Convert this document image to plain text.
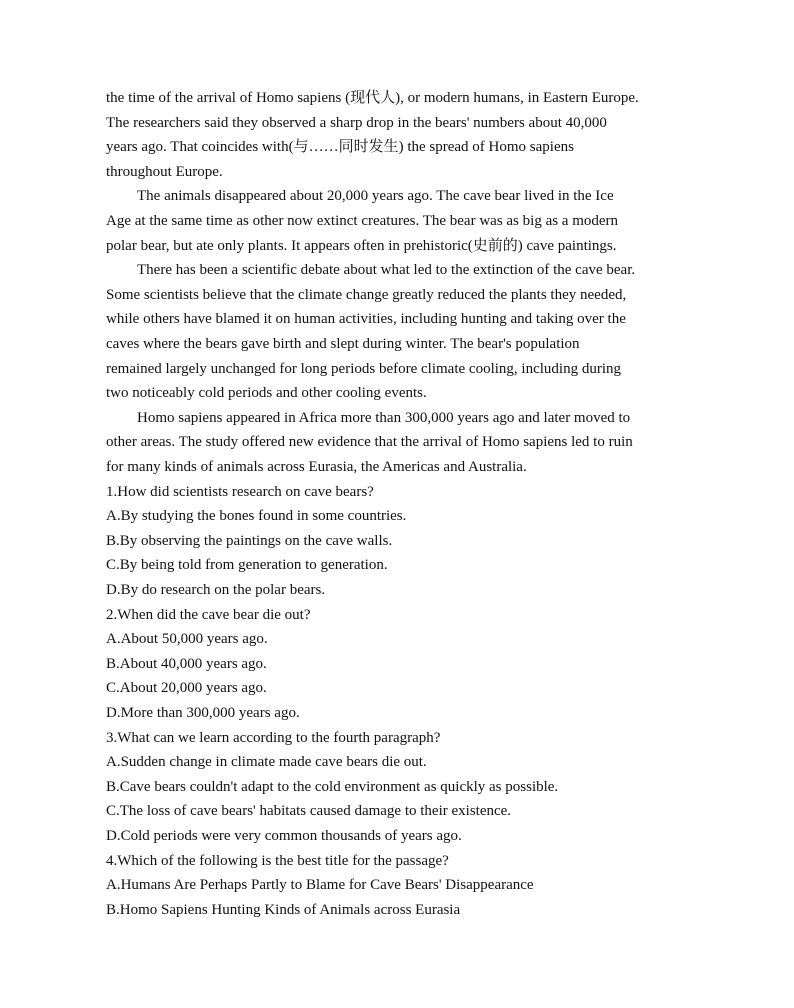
the time of the arrival of Homo sapiens (现代人), or modern humans, in Eastern Europe.
The researchers said they observed a sharp drop in the bears' numbers about 40,000
years ago. That coincides with(与……同时发生) the spread of Homo sapiens
throughout Europe.
The animals disappeared about 20,000 years ago. The cave bear lived in the Ice
Age at the same time as other now extinct creatures. The bear was as big as a modern
polar bear, but ate only plants. It appears often in prehistoric(史前的) cave paintings.
There has been a scientific debate about what led to the extinction of the cave bear.
Some scientists believe that the climate change greatly reduced the plants they needed,
while others have blamed it on human activities, including hunting and taking over the
caves where the bears gave birth and slept during winter. The bear's population
remained largely unchanged for long periods before climate cooling, including during
two noticeably cold periods and other cooling events.
Homo sapiens appeared in Africa more than 300,000 years ago and later moved to
other areas. The study offered new evidence that the arrival of Homo sapiens led to ruin
for many kinds of animals across Eurasia, the Americas and Australia.
1.How did scientists research on cave bears?
A.By studying the bones found in some countries.
B.By observing the paintings on the cave walls.
C.By being told from generation to generation.
D.By do research on the polar bears.
2.When did the cave bear die out?
A.About 50,000 years ago.
B.About 40,000 years ago.
C.About 20,000 years ago.
D.More than 300,000 years ago.
3.What can we learn according to the fourth paragraph?
A.Sudden change in climate made cave bears die out.
B.Cave bears couldn't adapt to the cold environment as quickly as possible.
C.The loss of cave bears' habitats caused damage to their existence.
D.Cold periods were very common thousands of years ago.
4.Which of the following is the best title for the passage?
A.Humans Are Perhaps Partly to Blame for Cave Bears' Disappearance
B.Homo Sapiens Hunting Kinds of Animals across Eurasia
